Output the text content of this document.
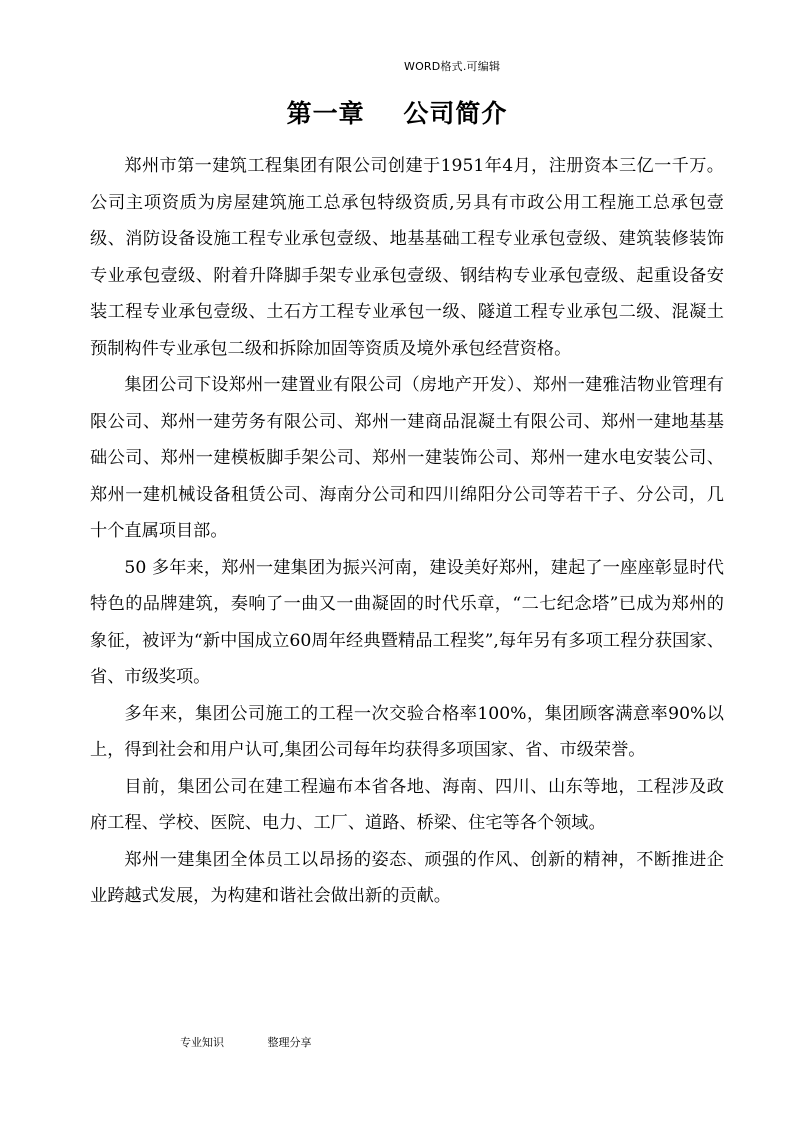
WORD格式.可编辑
第一章    公司简介

郑州市第一建筑工程集团有限公司创建于1951年4月，注册资本三亿一千万。 公司主项资质为房屋建筑施工总承包特级资质,另具有市政公用工程施工总承包壹级、消防设备设施工程专业承包壹级、地基基础工程专业承包壹级、建筑装修装饰专业承包壹级、附着升降脚手架专业承包壹级、钢结构专业承包壹级、起重设备安装工程专业承包壹级、土石方工程专业承包一级、隧道工程专业承包二级、混凝土预制构件专业承包二级和拆除加固等资质及境外承包经营资格。

集团公司下设郑州一建置业有限公司（房地产开发）、郑州一建雅洁物业管理有限公司、郑州一建劳务有限公司、郑州一建商品混凝土有限公司、郑州一建地基基础公司、郑州一建模板脚手架公司、郑州一建装饰公司、郑州一建水电安装公司、郑州一建机械设备租赁公司、海南分公司和四川绵阳分公司等若干子、分公司，几十个直属项目部。

50 多年来，郑州一建集团为振兴河南，建设美好郑州，建起了一座座彰显时代特色的品牌建筑，奏响了一曲又一曲凝固的时代乐章，“二七纪念塔”已成为郑州的象征，被评为“新中国成立60周年经典暨精品工程奖”,每年另有多项工程分获国家、省、市级奖项。

多年来，集团公司施工的工程一次交验合格率100%，集团顾客满意率90%以上，得到社会和用户认可,集团公司每年均获得多项国家、省、市级荣誉。

目前，集团公司在建工程遍布本省各地、海南、四川、山东等地，工程涉及政府工程、学校、医院、电力、工厂、道路、桥梁、住宅等各个领域。

郑州一建集团全体员工以昂扬的姿态、顽强的作风、创新的精神，不断推进企业跨越式发展，为构建和谐社会做出新的贡献。

专业知识	整理分享
